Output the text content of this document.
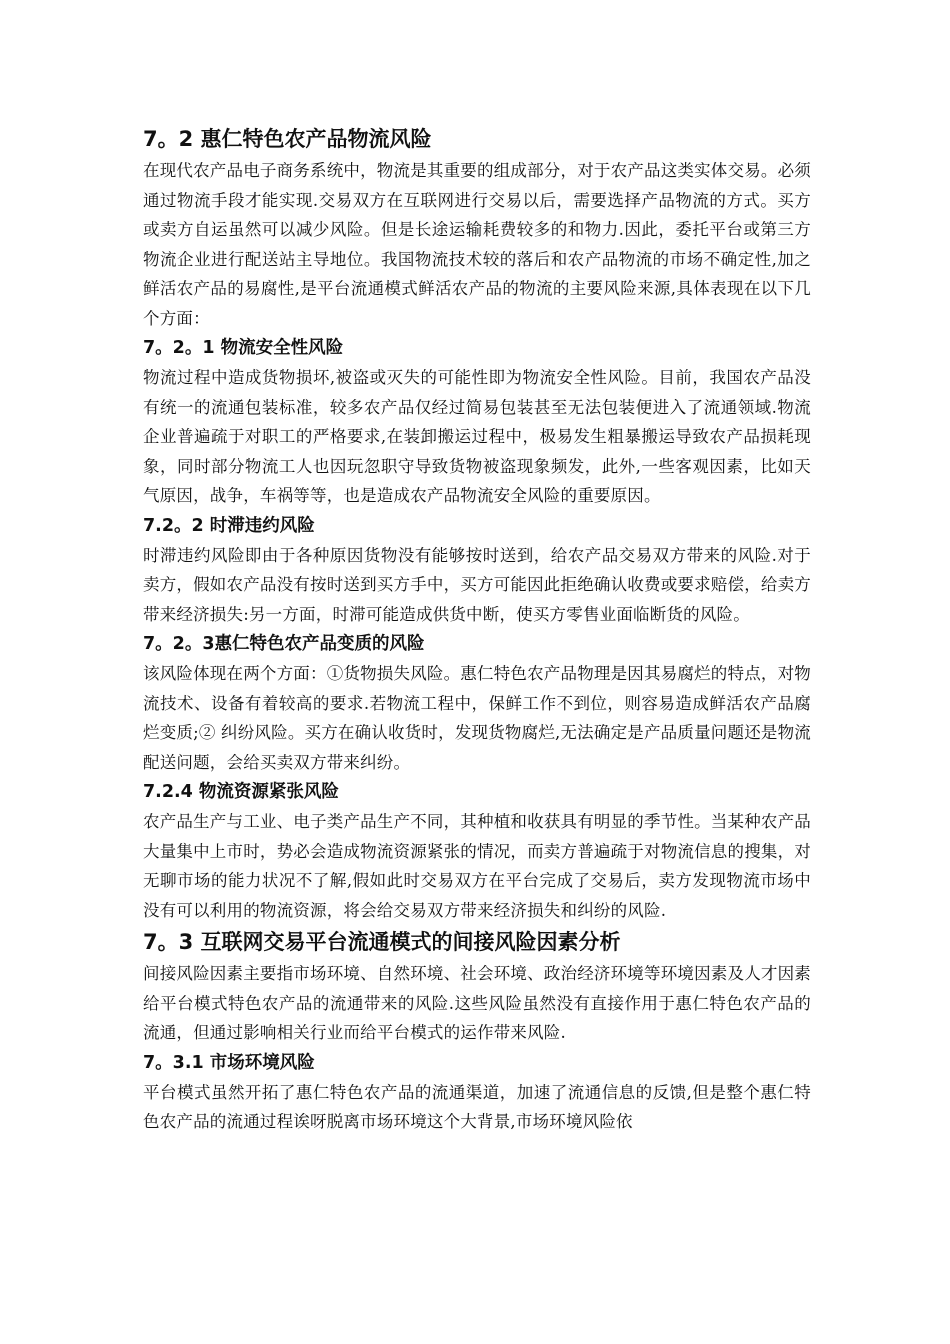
7。2 惠仁特色农产品物流风险

在现代农产品电子商务系统中，物流是其重要的组成部分，对于农产品这类实体交易。必须通过物流手段才能实现.交易双方在互联网进行交易以后，需要选择产品物流的方式。买方或卖方自运虽然可以减少风险。但是长途运输耗费较多的和物力.因此，委托平台或第三方物流企业进行配送站主导地位。我国物流技术较的落后和农产品物流的市场不确定性,加之鲜活农产品的易腐性,是平台流通模式鲜活农产品的物流的主要风险来源,具体表现在以下几个方面：

7。2。1 物流安全性风险

物流过程中造成货物损坏,被盗或灭失的可能性即为物流安全性风险。目前，我国农产品没有统一的流通包装标准，较多农产品仅经过简易包装甚至无法包装便进入了流通领域.物流企业普遍疏于对职工的严格要求,在装卸搬运过程中，极易发生粗暴搬运导致农产品损耗现象，同时部分物流工人也因玩忽职守导致货物被盗现象频发，此外,一些客观因素，比如天气原因，战争，车祸等等，也是造成农产品物流安全风险的重要原因。

7.2。2 时滞违约风险

时滞违约风险即由于各种原因货物没有能够按时送到，给农产品交易双方带来的风险.对于卖方，假如农产品没有按时送到买方手中，买方可能因此拒绝确认收费或要求赔偿，给卖方带来经济损失:另一方面，时滞可能造成供货中断，使买方零售业面临断货的风险。

7。2。3惠仁特色农产品变质的风险

该风险体现在两个方面：①货物损失风险。惠仁特色农产品物理是因其易腐烂的特点，对物流技术、设备有着较高的要求.若物流工程中，保鲜工作不到位，则容易造成鲜活农产品腐烂变质;② 纠纷风险。买方在确认收货时，发现货物腐烂,无法确定是产品质量问题还是物流配送问题，会给买卖双方带来纠纷。

7.2.4 物流资源紧张风险

农产品生产与工业、电子类产品生产不同，其种植和收获具有明显的季节性。当某种农产品大量集中上市时，势必会造成物流资源紧张的情况，而卖方普遍疏于对物流信息的搜集，对无聊市场的能力状况不了解,假如此时交易双方在平台完成了交易后，卖方发现物流市场中没有可以利用的物流资源，将会给交易双方带来经济损失和纠纷的风险.

7。3 互联网交易平台流通模式的间接风险因素分析

间接风险因素主要指市场环境、自然环境、社会环境、政治经济环境等环境因素及人才因素给平台模式特色农产品的流通带来的风险.这些风险虽然没有直接作用于惠仁特色农产品的流通，但通过影响相关行业而给平台模式的运作带来风险.

7。3.1 市场环境风险

平台模式虽然开拓了惠仁特色农产品的流通渠道，加速了流通信息的反馈,但是整个惠仁特色农产品的流通过程诶呀脱离市场环境这个大背景,市场环境风险依
